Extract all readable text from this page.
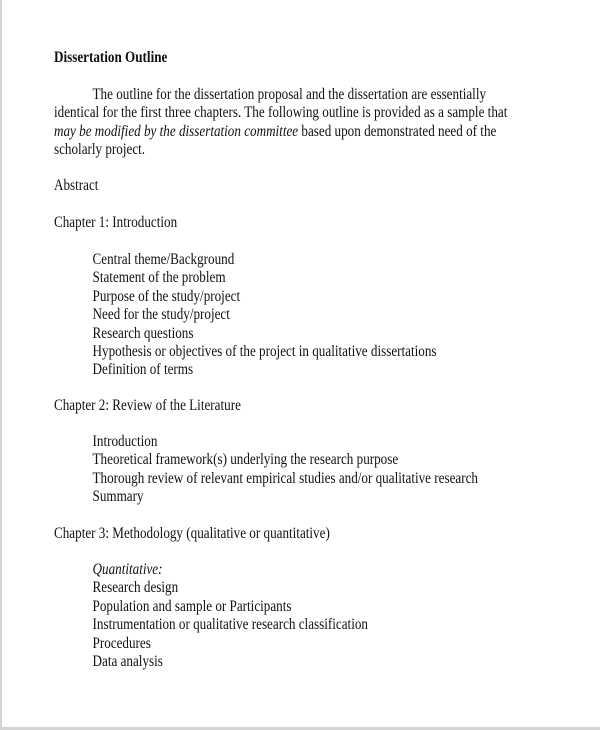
Dissertation Outline
The outline for the dissertation proposal and the dissertation are essentially
identical for the first three chapters. The following outline is provided as a sample that
may be modified by the dissertation committee based upon demonstrated need of the
scholarly project.
Abstract
Chapter 1: Introduction
Central theme/Background
Statement of the problem
Purpose of the study/project
Need for the study/project
Research questions
Hypothesis or objectives of the project in qualitative dissertations
Definition of terms
Chapter 2: Review of the Literature
Introduction
Theoretical framework(s) underlying the research purpose
Thorough review of relevant empirical studies and/or qualitative research
Summary
Chapter 3: Methodology (qualitative or quantitative)
Quantitative:
Research design
Population and sample or Participants
Instrumentation or qualitative research classification
Procedures
Data analysis
